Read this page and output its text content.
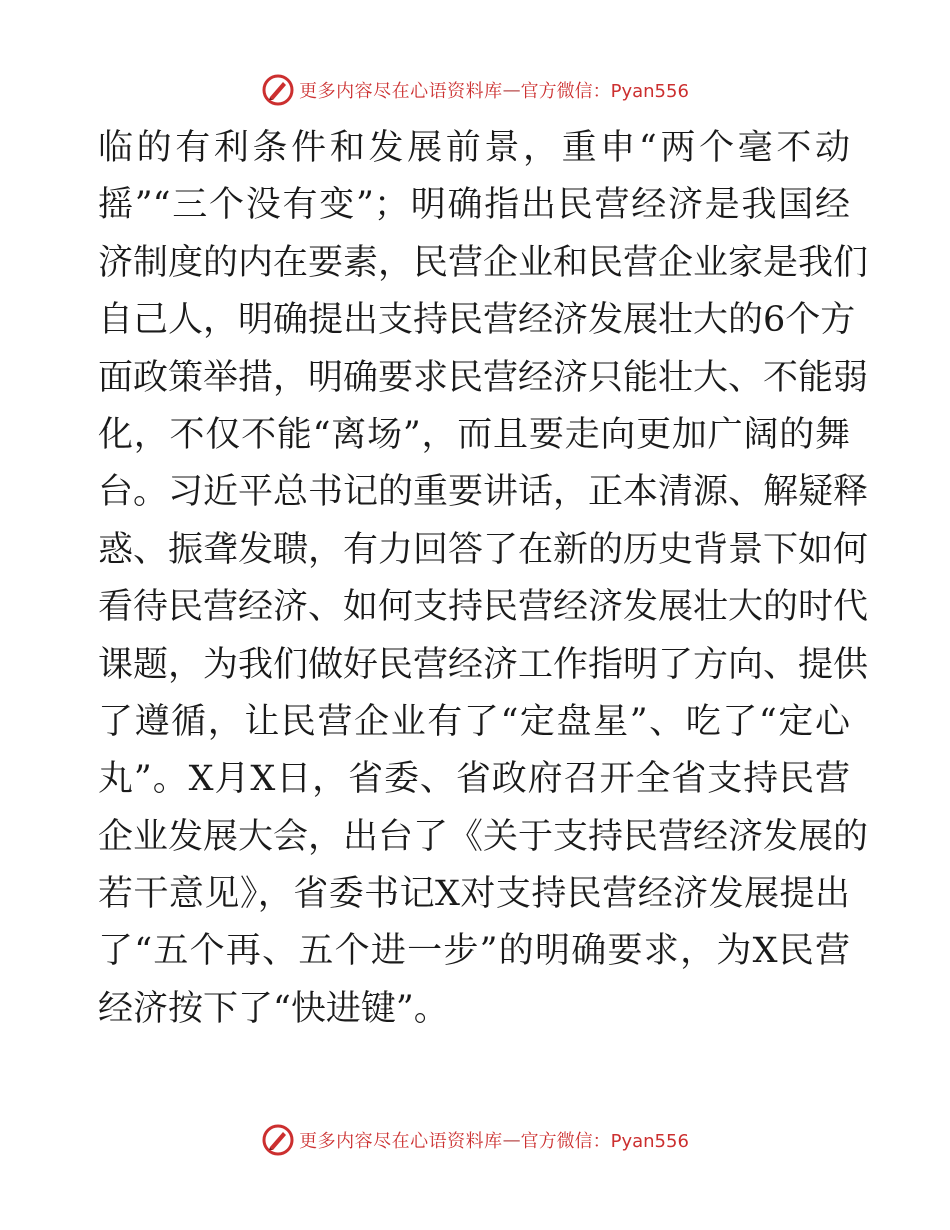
更多内容尽在心语资料库 — 官方微信：Pyan556
临的有利条件和发展前景，重申“两个毫不动
摇”“三个没有变”；明确指出民营经济是我国经
济制度的内在要素，民营企业和民营企业家是我们
自己人，明确提出支持民营经济发展壮大的6个方
面政策举措，明确要求民营经济只能壮大、不能弱
化，不仅不能“离场”，而且要走向更加广阔的舞
台。习近平总书记的重要讲话，正本清源、解疑释
惑、振聋发聩，有力回答了在新的历史背景下如何
看待民营经济、如何支持民营经济发展壮大的时代
课题，为我们做好民营经济工作指明了方向、提供
了遵循，让民营企业有了“定盘星”、吃了“定心
丸”。X月X日，省委、省政府召开全省支持民营
企业发展大会，出台了《关于支持民营经济发展的
若干意见》，省委书记X对支持民营经济发展提出
了“五个再、五个进一步”的明确要求，为X民营
经济按下了“快进键”。
更多内容尽在心语资料库 — 官方微信：Pyan556
